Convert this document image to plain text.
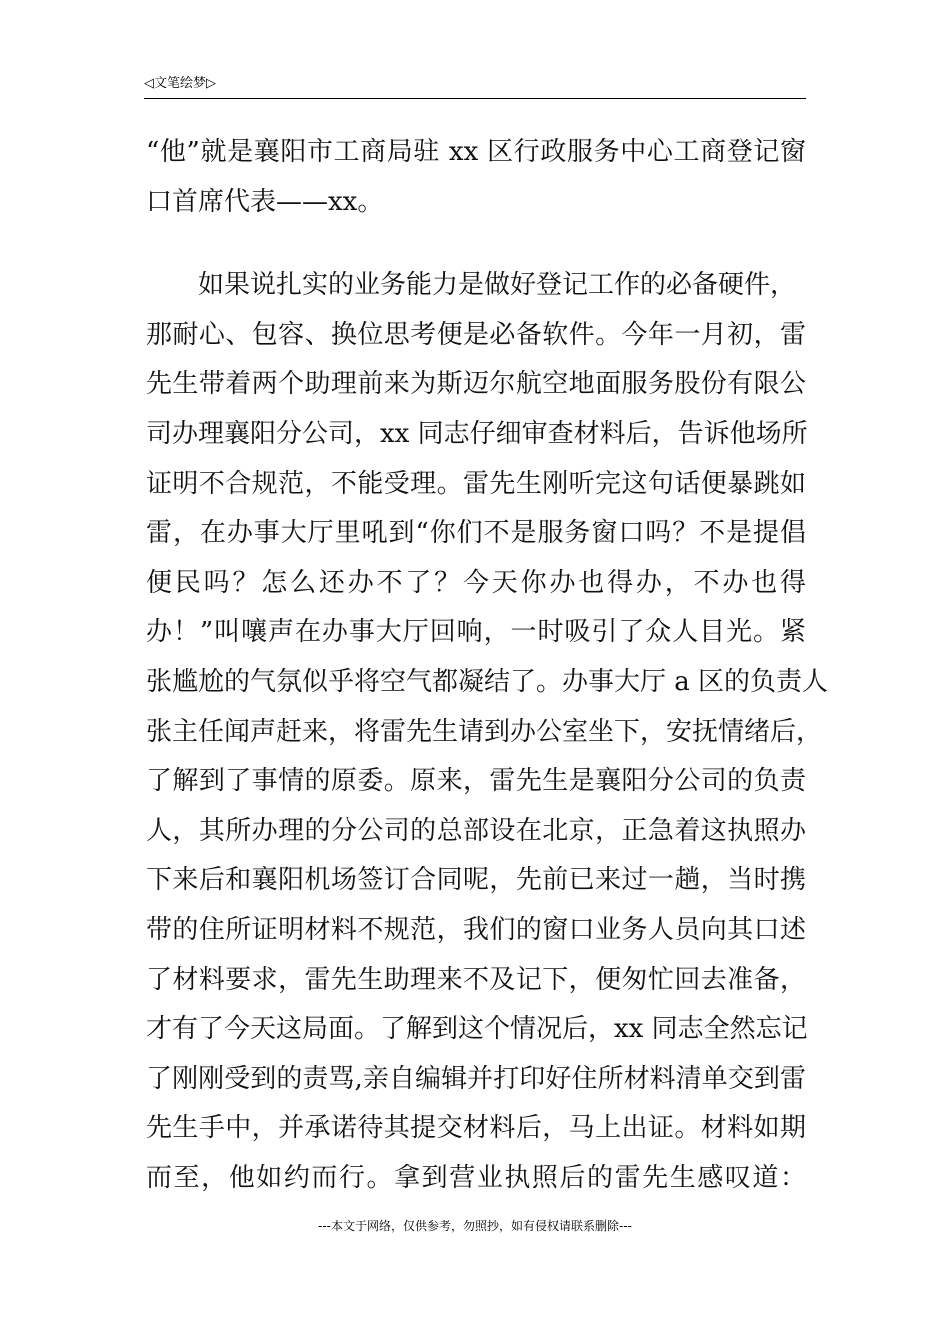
◁文笔绘梦▷
“他”就是襄阳市工商局驻 xx 区行政服务中心工商登记窗
口首席代表——xx。
如果说扎实的业务能力是做好登记工作的必备硬件，
那耐心、包容、换位思考便是必备软件。今年一月初，雷
先生带着两个助理前来为斯迈尔航空地面服务股份有限公
司办理襄阳分公司，xx 同志仔细审查材料后，告诉他场所
证明不合规范，不能受理。雷先生刚听完这句话便暴跳如
雷，在办事大厅里吼到“你们不是服务窗口吗？不是提倡
便民吗？怎么还办不了？今天你办也得办，不办也得
办！”叫嚷声在办事大厅回响，一时吸引了众人目光。紧
张尴尬的气氛似乎将空气都凝结了。办事大厅 a 区的负责人
张主任闻声赶来，将雷先生请到办公室坐下，安抚情绪后，
了解到了事情的原委。原来，雷先生是襄阳分公司的负责
人，其所办理的分公司的总部设在北京，正急着这执照办
下来后和襄阳机场签订合同呢，先前已来过一趟，当时携
带的住所证明材料不规范，我们的窗口业务人员向其口述
了材料要求，雷先生助理来不及记下，便匆忙回去准备，
才有了今天这局面。了解到这个情况后，xx 同志全然忘记
了刚刚受到的责骂,亲自编辑并打印好住所材料清单交到雷
先生手中，并承诺待其提交材料后，马上出证。材料如期
而至，他如约而行。拿到营业执照后的雷先生感叹道：
---本文于网络，仅供参考，勿照抄，如有侵权请联系删除---
